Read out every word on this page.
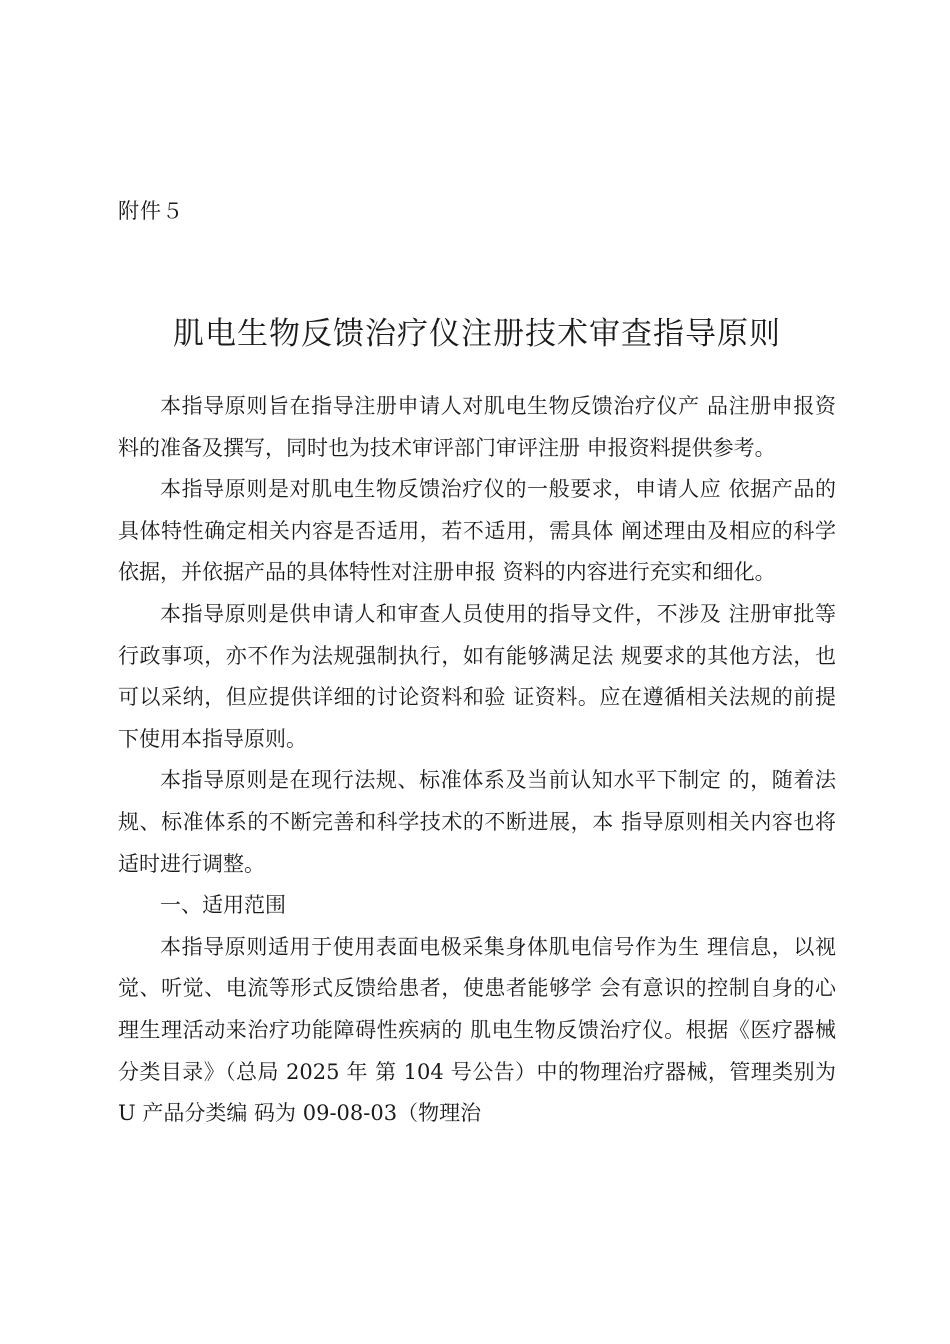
附件５
肌电生物反馈治疗仪注册技术审查指导原则

本指导原则旨在指导注册申请人对肌电生物反馈治疗仪产 品注册申报资料的准备及撰写，同时也为技术审评部门审评注册 申报资料提供参考。

本指导原则是对肌电生物反馈治疗仪的一般要求，申请人应 依据产品的具体特性确定相关内容是否适用，若不适用，需具体 阐述理由及相应的科学依据，并依据产品的具体特性对注册申报 资料的内容进行充实和细化。

本指导原则是供申请人和审查人员使用的指导文件，不涉及 注册审批等行政事项，亦不作为法规强制执行，如有能够满足法 规要求的其他方法，也可以采纳，但应提供详细的讨论资料和验 证资料。应在遵循相关法规的前提下使用本指导原则。

本指导原则是在现行法规、标准体系及当前认知水平下制定 的，随着法规、标准体系的不断完善和科学技术的不断进展，本 指导原则相关内容也将适时进行调整。

一、适用范围

本指导原则适用于使用表面电极采集身体肌电信号作为生 理信息，以视觉、听觉、电流等形式反馈给患者，使患者能够学 会有意识的控制自身的心理生理活动来治疗功能障碍性疾病的 肌电生物反馈治疗仪。根据《医疗器械分类目录》（总局 2025 年 第 104 号公告）中的物理治疗器械，管理类别为 U 产品分类编 码为 09-08-03（物理治
